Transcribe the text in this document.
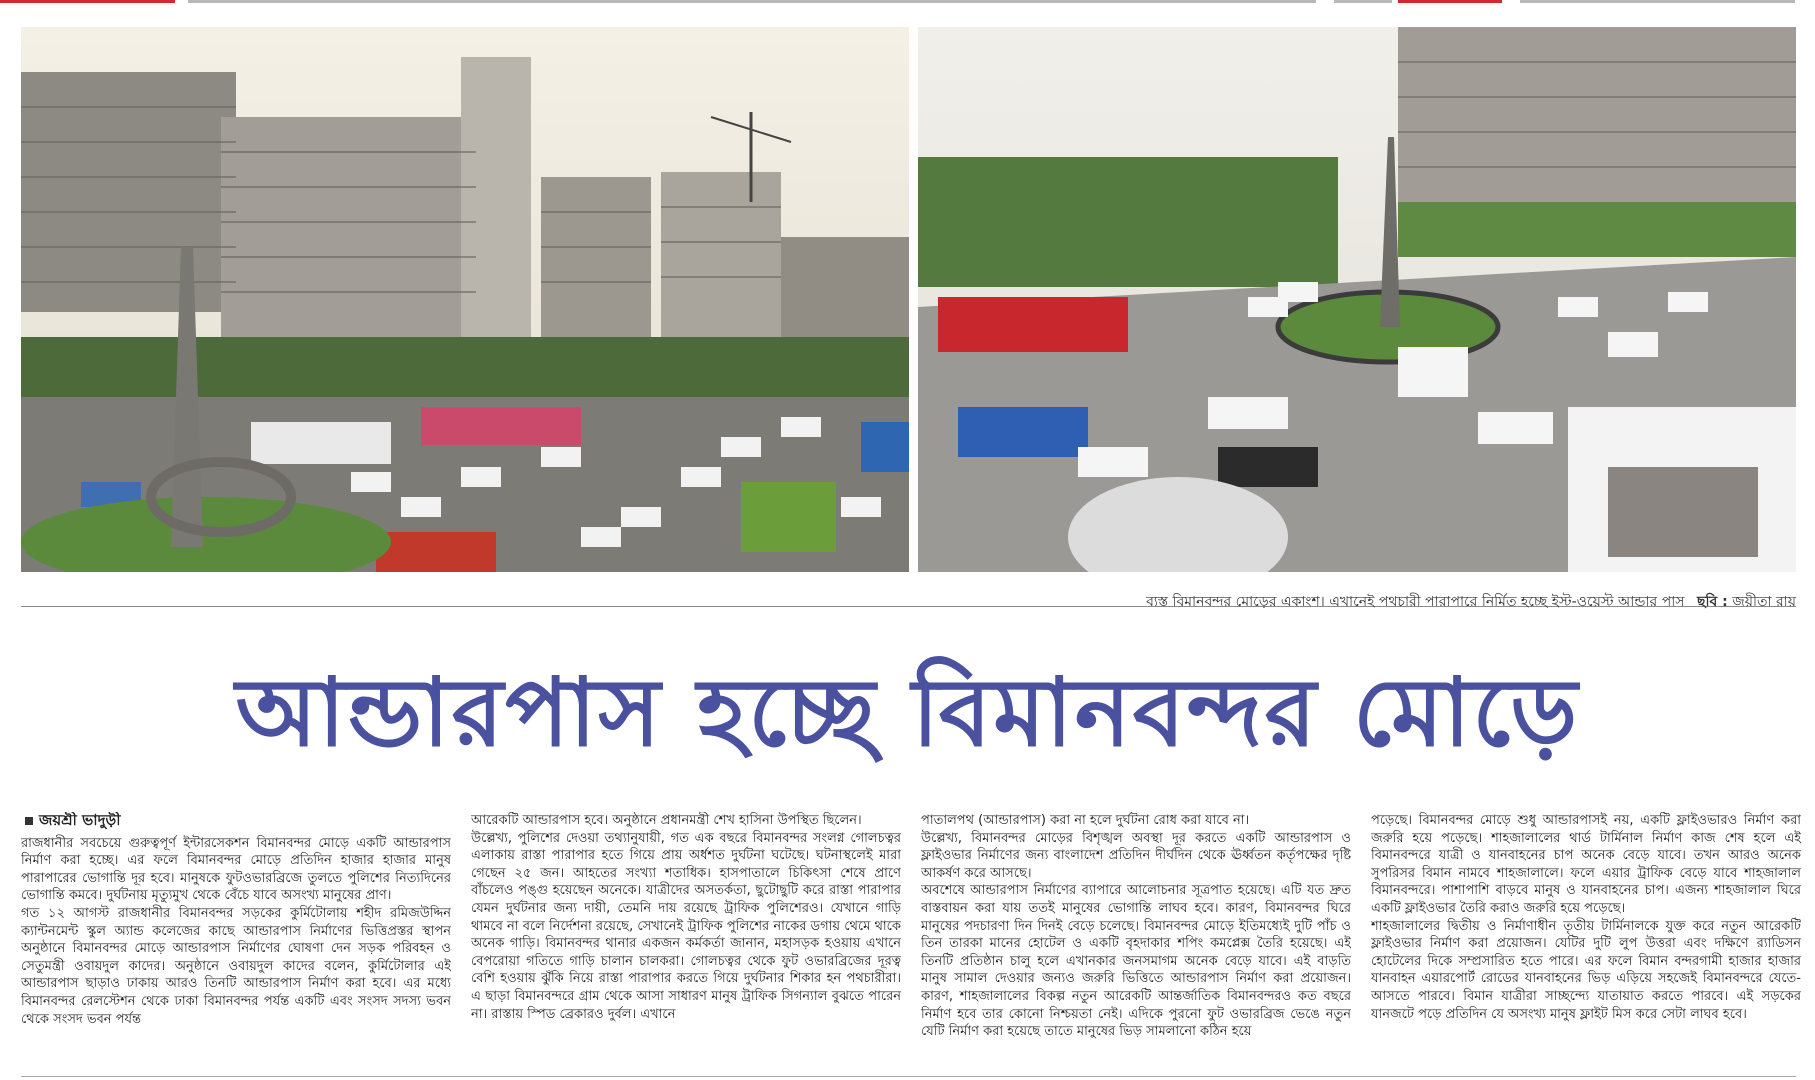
ব্যস্ত বিমানবন্দর মোড়ের একাংশ। এখানেই পথচারী পারাপারে নির্মিত হচ্ছে ইস্ট-ওয়েস্ট আন্ডার পাস ছবি : জয়ীতা রায়
আন্ডারপাস হচ্ছে বিমানবন্দর মোড়ে
জয়শ্রী ভাদুড়ী

রাজধানীর সবচেয়ে গুরুত্বপূর্ণ ইন্টারসেকশন বিমানবন্দর মোড়ে একটি আন্ডারপাস নির্মাণ করা হচ্ছে। এর ফলে বিমানবন্দর মোড়ে প্রতিদিন হাজার হাজার মানুষ পারাপারের ভোগান্তি দূর হবে। মানুষকে ফুটওভারব্রিজে তুলতে পুলিশের নিত্যদিনের ভোগান্তি কমবে। দুর্ঘটনায় মৃত্যুমুখ থেকে বেঁচে যাবে অসংখ্য মানুষের প্রাণ।

গত ১২ আগস্ট রাজধানীর বিমানবন্দর সড়কের কুর্মিটোলায় শহীদ রমিজউদ্দিন ক্যান্টনমেন্ট স্কুল অ্যান্ড কলেজের কাছে আন্ডারপাস নির্মাণের ভিত্তিপ্রস্তর স্থাপন অনুষ্ঠানে বিমানবন্দর মোড়ে আন্ডারপাস নির্মাণের ঘোষণা দেন সড়ক পরিবহন ও সেতুমন্ত্রী ওবায়দুল কাদের। অনুষ্ঠানে ওবায়দুল কাদের বলেন, কুর্মিটোলার এই আন্ডারপাস ছাড়াও ঢাকায় আরও তিনটি আন্ডারপাস নির্মাণ করা হবে। এর মধ্যে বিমানবন্দর রেলস্টেশন থেকে ঢাকা বিমানবন্দর পর্যন্ত একটি এবং সংসদ সদস্য ভবন থেকে সংসদ ভবন পর্যন্ত

আরেকটি আন্ডারপাস হবে। অনুষ্ঠানে প্রধানমন্ত্রী শেখ হাসিনা উপস্থিত ছিলেন।

উল্লেখ্য, পুলিশের দেওয়া তথ্যানুযায়ী, গত এক বছরে বিমানবন্দর সংলগ্ন গোলচত্বর এলাকায় রাস্তা পারাপার হতে গিয়ে প্রায় অর্ধশত দুর্ঘটনা ঘটেছে। ঘটনাস্থলেই মারা গেছেন ২৫ জন। আহতের সংখ্যা শতাধিক। হাসপাতালে চিকিৎসা শেষে প্রাণে বাঁচলেও পঙ্গু হয়েছেন অনেকে। যাত্রীদের অসতর্কতা, ছুটোছুটি করে রাস্তা পারাপার যেমন দুর্ঘটনার জন্য দায়ী, তেমনি দায় রয়েছে ট্রাফিক পুলিশেরও। যেখানে গাড়ি থামবে না বলে নির্দেশনা রয়েছে, সেখানেই ট্রাফিক পুলিশের নাকের ডগায় থেমে থাকে অনেক গাড়ি। বিমানবন্দর থানার একজন কর্মকর্তা জানান, মহাসড়ক হওয়ায় এখানে বেপরোয়া গতিতে গাড়ি চালান চালকরা। গোলচত্বর থেকে ফুট ওভারব্রিজের দূরত্ব বেশি হওয়ায় ঝুঁকি নিয়ে রাস্তা পারাপার করতে গিয়ে দুর্ঘটনার শিকার হন পথচারীরা। এ ছাড়া বিমানবন্দরে গ্রাম থেকে আসা সাধারণ মানুষ ট্রাফিক সিগন্যাল বুঝতে পারেন না। রাস্তায় স্পিড ব্রেকারও দুর্বল। এখানে

পাতালপথ (আন্ডারপাস) করা না হলে দুর্ঘটনা রোধ করা যাবে না।

উল্লেখ্য, বিমানবন্দর মোড়ের বিশৃঙ্খল অবস্থা দূর করতে একটি আন্ডারপাস ও ফ্লাইওভার নির্মাণের জন্য বাংলাদেশ প্রতিদিন দীর্ঘদিন থেকে ঊর্ধ্বতন কর্তৃপক্ষের দৃষ্টি আকর্ষণ করে আসছে।

অবশেষে আন্ডারপাস নির্মাণের ব্যাপারে আলোচনার সূত্রপাত হয়েছে। এটি যত দ্রুত বাস্তবায়ন করা যায় ততই মানুষের ভোগান্তি লাঘব হবে। কারণ, বিমানবন্দর ঘিরে মানুষের পদচারণা দিন দিনই বেড়ে চলেছে। বিমানবন্দর মোড়ে ইতিমধ্যেই দুটি পাঁচ ও তিন তারকা মানের হোটেল ও একটি বৃহদাকার শপিং কমপ্লেক্স তৈরি হয়েছে। এই তিনটি প্রতিষ্ঠান চালু হলে এখানকার জনসমাগম অনেক বেড়ে যাবে। এই বাড়তি মানুষ সামাল দেওয়ার জন্যও জরুরি ভিত্তিতে আন্ডারপাস নির্মাণ করা প্রয়োজন। কারণ, শাহজালালের বিকল্প নতুন আরেকটি আন্তর্জাতিক বিমানবন্দরও কত বছরে নির্মাণ হবে তার কোনো নিশ্চয়তা নেই। এদিকে পুরনো ফুট ওভারব্রিজ ভেঙে নতুন যেটি নির্মাণ করা হয়েছে তাতে মানুষের ভিড় সামলানো কঠিন হয়ে

পড়েছে। বিমানবন্দর মোড়ে শুধু আন্ডারপাসই নয়, একটি ফ্লাইওভারও নির্মাণ করা জরুরি হয়ে পড়েছে। শাহজালালের থার্ড টার্মিনাল নির্মাণ কাজ শেষ হলে এই বিমানবন্দরে যাত্রী ও যানবাহনের চাপ অনেক বেড়ে যাবে। তখন আরও অনেক সুপরিসর বিমান নামবে শাহজালালে। ফলে এয়ার ট্রাফিক বেড়ে যাবে শাহজালাল বিমানবন্দরে। পাশাপাশি বাড়বে মানুষ ও যানবাহনের চাপ। এজন্য শাহজালাল ঘিরে একটি ফ্লাইওভার তৈরি করাও জরুরি হয়ে পড়েছে।

শাহজালালের দ্বিতীয় ও নির্মাণাধীন তৃতীয় টার্মিনালকে যুক্ত করে নতুন আরেকটি ফ্লাইওভার নির্মাণ করা প্রয়োজন। যেটির দুটি লুপ উত্তরা এবং দক্ষিণে র‌্যাডিসন হোটেলের দিকে সম্প্রসারিত হতে পারে। এর ফলে বিমান বন্দরগামী হাজার হাজার যানবাহন এয়ারপোর্ট রোডের যানবাহনের ভিড় এড়িয়ে সহজেই বিমানবন্দরে যেতে-আসতে পারবে। বিমান যাত্রীরা সাচ্ছন্দ্যে যাতায়াত করতে পারবে। এই সড়কের যানজটে পড়ে প্রতিদিন যে অসংখ্য মানুষ ফ্লাইট মিস করে সেটা লাঘব হবে।
